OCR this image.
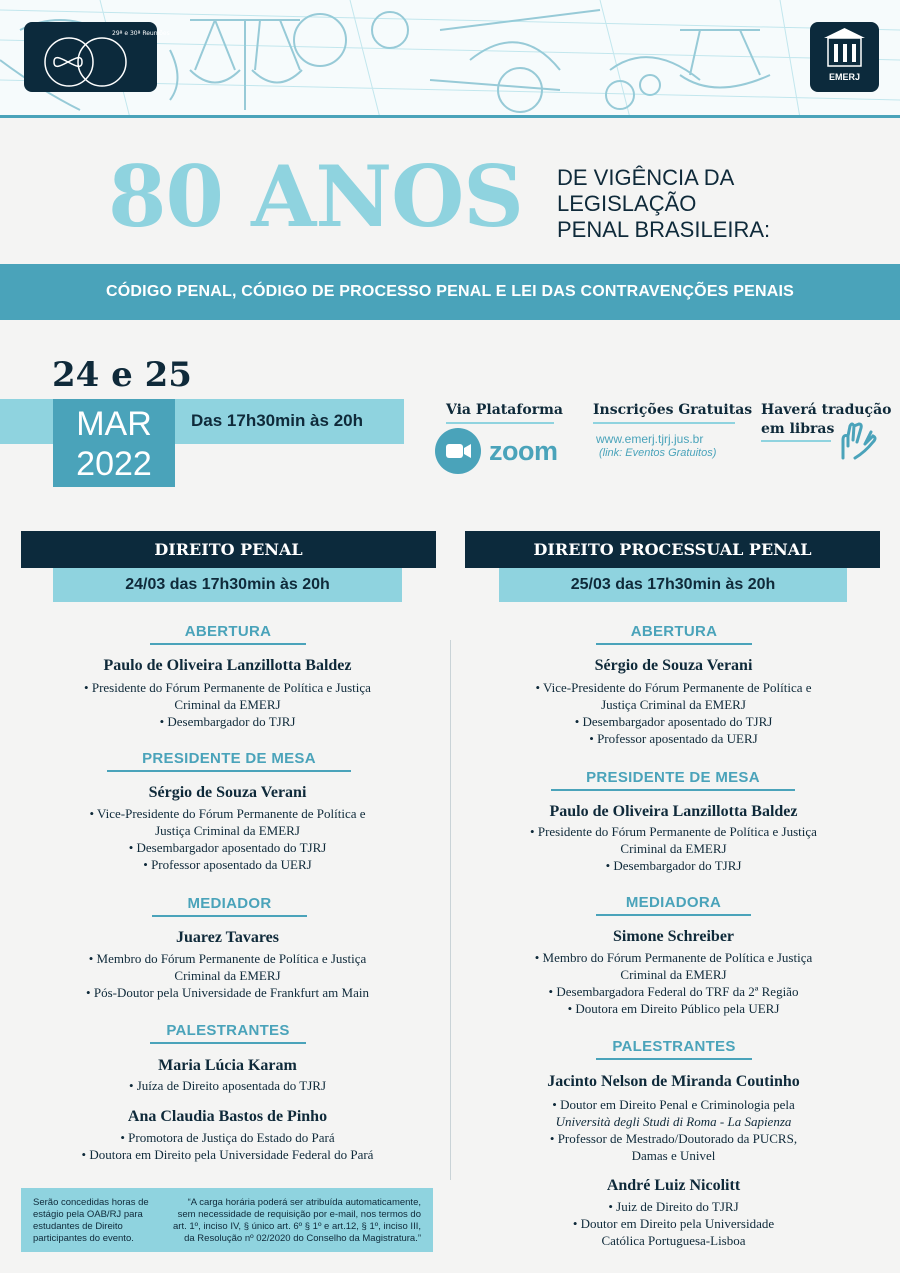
29ª e 30ª Reuniões
EMERJ
80 ANOS DE VIGÊNCIA DA
LEGISLAÇÃO
PENAL BRASILEIRA:
CÓDIGO PENAL, CÓDIGO DE PROCESSO PENAL E LEI DAS CONTRAVENÇÕES PENAIS
24 e 25
Das 17h30min às 20h
MAR
2022
Via Plataforma
zoom
Inscrições Gratuitas
www.emerj.tjrj.jus.br
(link: Eventos Gratuitos)
Haverá tradução
em libras
DIREITO PENAL
24/03 das 17h30min às 20h
DIREITO PROCESSUAL PENAL
25/03 das 17h30min às 20h
ABERTURA
Paulo de Oliveira Lanzillotta Baldez
• Presidente do Fórum Permanente de Política e Justiça
Criminal da EMERJ
• Desembargador do TJRJ
PRESIDENTE DE MESA
Sérgio de Souza Verani
• Vice-Presidente do Fórum Permanente de Política e
Justiça Criminal da EMERJ
• Desembargador aposentado do TJRJ
• Professor aposentado da UERJ
MEDIADOR
Juarez Tavares
• Membro do Fórum Permanente de Política e Justiça
Criminal da EMERJ
• Pós-Doutor pela Universidade de Frankfurt am Main
PALESTRANTES
Maria Lúcia Karam
• Juíza de Direito aposentada do TJRJ
Ana Claudia Bastos de Pinho
• Promotora de Justiça do Estado do Pará
• Doutora em Direito pela Universidade Federal do Pará
ABERTURA
Sérgio de Souza Verani
• Vice-Presidente do Fórum Permanente de Política e
Justiça Criminal da EMERJ
• Desembargador aposentado do TJRJ
• Professor aposentado da UERJ
PRESIDENTE DE MESA
Paulo de Oliveira Lanzillotta Baldez
• Presidente do Fórum Permanente de Política e Justiça
Criminal da EMERJ
• Desembargador do TJRJ
MEDIADORA
Simone Schreiber
• Membro do Fórum Permanente de Política e Justiça
Criminal da EMERJ
• Desembargadora Federal do TRF da 2ª Região
• Doutora em Direito Público pela UERJ
PALESTRANTES
Jacinto Nelson de Miranda Coutinho
• Doutor em Direito Penal e Criminologia pela
Università degli Studi di Roma - La Sapienza
• Professor de Mestrado/Doutorado da PUCRS,
Damas e Univel
André Luiz Nicolitt
• Juiz de Direito do TJRJ
• Doutor em Direito pela Universidade
Católica Portuguesa-Lisboa
Serão concedidas horas de
estágio pela OAB/RJ para
estudantes de Direito
participantes do evento.
“A carga horária poderá ser atribuída automaticamente,
sem necessidade de requisição por e-mail, nos termos do
art. 1º, inciso IV, § único art. 6º § 1º e art.12, § 1º, inciso III,
da Resolução nº 02/2020 do Conselho da Magistratura.”
